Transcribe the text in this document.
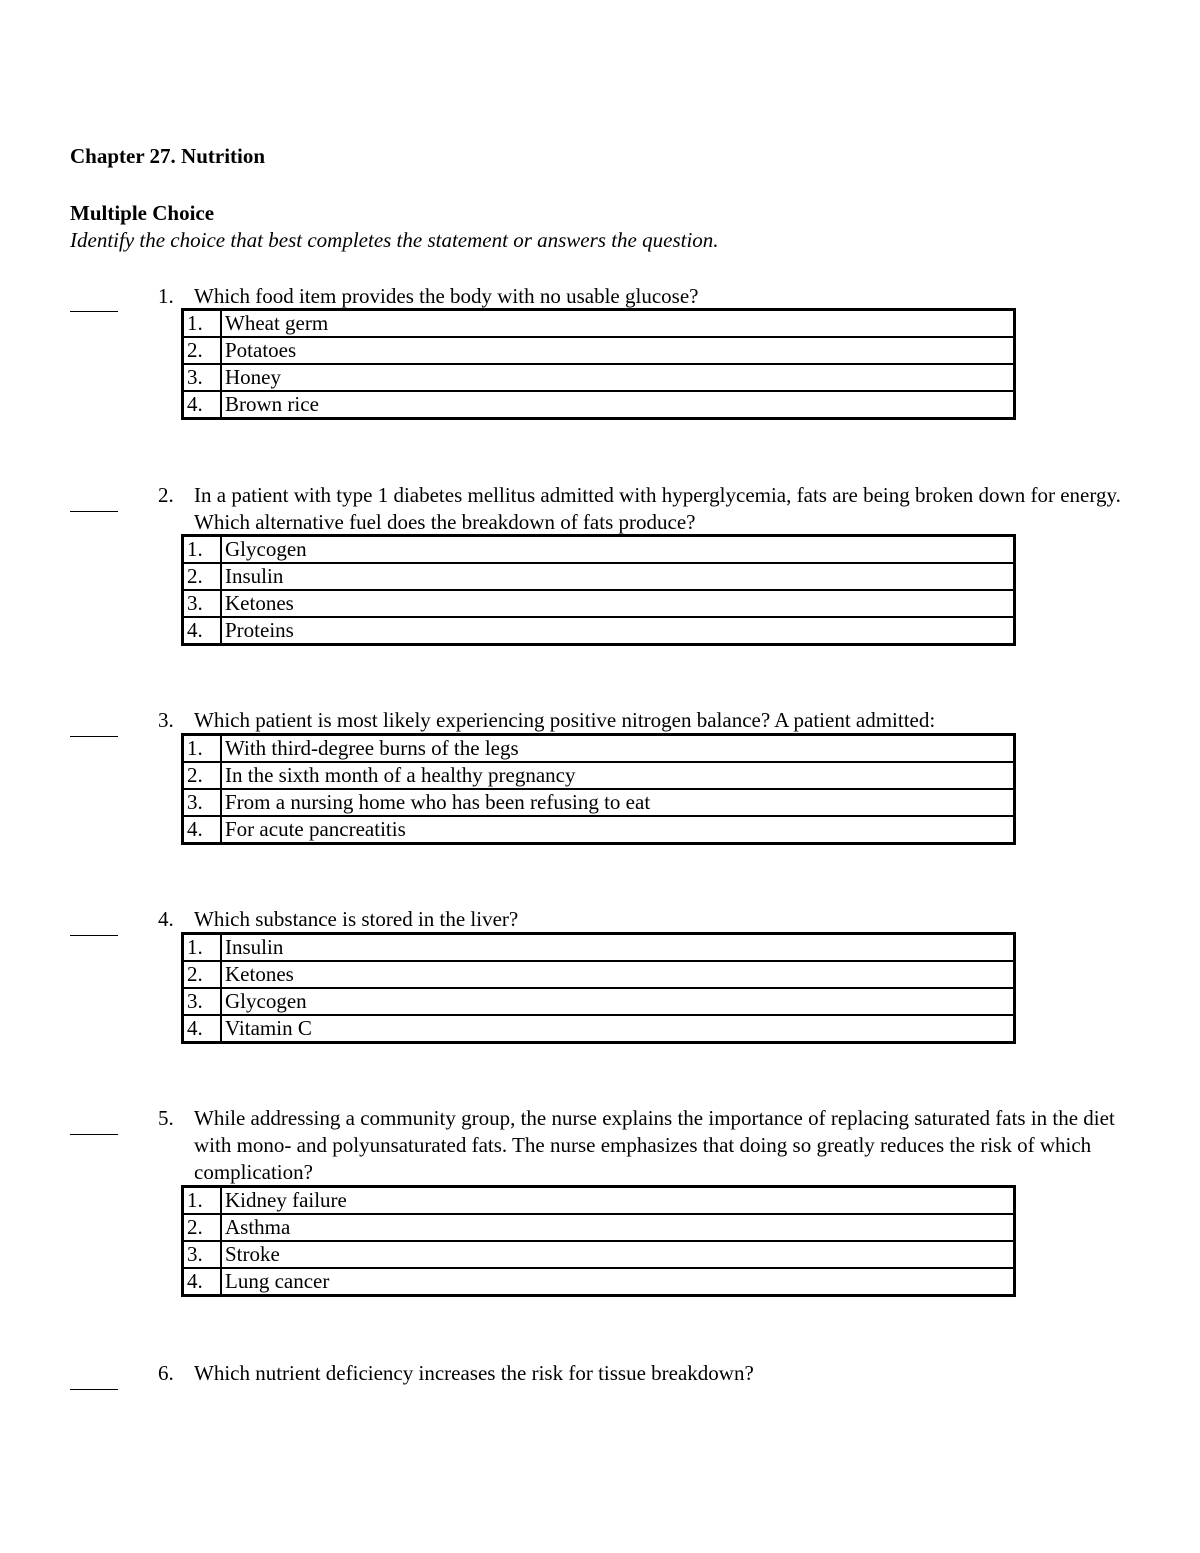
Chapter 27. Nutrition
Multiple Choice
Identify the choice that best completes the statement or answers the question.
1. Which food item provides the body with no usable glucose?
1.	Wheat germ
2.	Potatoes
3.	Honey
4.	Brown rice
2. In a patient with type 1 diabetes mellitus admitted with hyperglycemia, fats are being broken down for energy. Which alternative fuel does the breakdown of fats produce?
1.	Glycogen
2.	Insulin
3.	Ketones
4.	Proteins
3. Which patient is most likely experiencing positive nitrogen balance? A patient admitted:
1.	With third-degree burns of the legs
2.	In the sixth month of a healthy pregnancy
3.	From a nursing home who has been refusing to eat
4.	For acute pancreatitis
4. Which substance is stored in the liver?
1.	Insulin
2.	Ketones
3.	Glycogen
4.	Vitamin C
5. While addressing a community group, the nurse explains the importance of replacing saturated fats in the diet with mono- and polyunsaturated fats. The nurse emphasizes that doing so greatly reduces the risk of which complication?
1.	Kidney failure
2.	Asthma
3.	Stroke
4.	Lung cancer
6. Which nutrient deficiency increases the risk for tissue breakdown?
